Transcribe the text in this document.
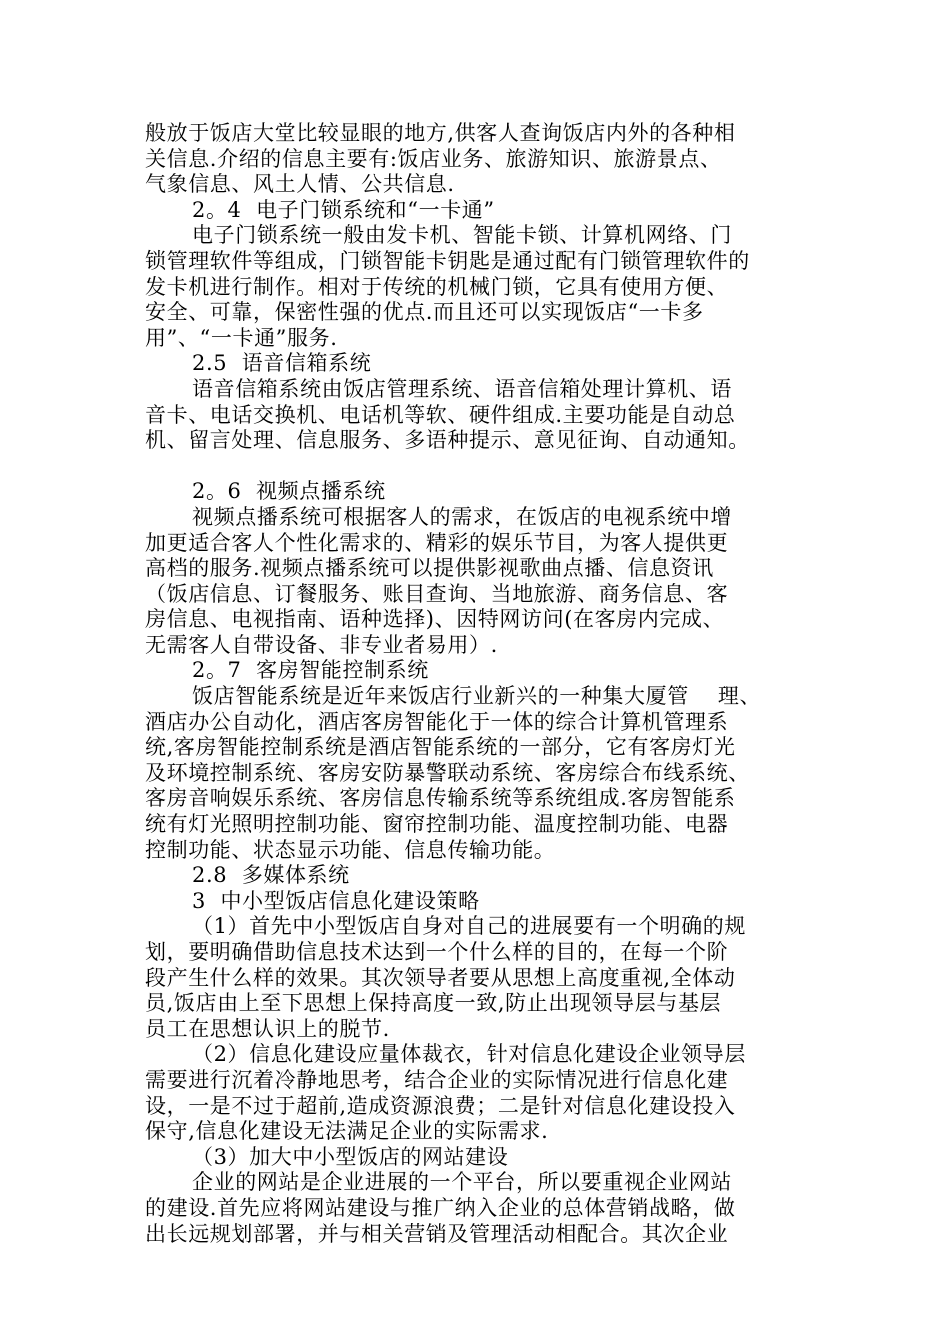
般放于饭店大堂比较显眼的地方,供客人查询饭店内外的各种相
关信息.介绍的信息主要有:饭店业务、旅游知识、旅游景点、
气象信息、风土人情、公共信息.
2。4  电子门锁系统和“一卡通”
电子门锁系统一般由发卡机、智能卡锁、计算机网络、门
锁管理软件等组成，门锁智能卡钥匙是通过配有门锁管理软件的
发卡机进行制作。相对于传统的机械门锁，它具有使用方便、
安全、可靠，保密性强的优点.而且还可以实现饭店“一卡多
用”、“一卡通”服务.
2.5  语音信箱系统
语音信箱系统由饭店管理系统、语音信箱处理计算机、语
音卡、电话交换机、电话机等软、硬件组成.主要功能是自动总
机、留言处理、信息服务、多语种提示、意见征询、自动通知。
2。6  视频点播系统
视频点播系统可根据客人的需求，在饭店的电视系统中增
加更适合客人个性化需求的、精彩的娱乐节目，为客人提供更
高档的服务.视频点播系统可以提供影视歌曲点播、信息资讯
（饭店信息、订餐服务、账目查询、当地旅游、商务信息、客
房信息、电视指南、语种选择)、因特网访问(在客房内完成、
无需客人自带设备、非专业者易用）.
2。7  客房智能控制系统
饭店智能系统是近年来饭店行业新兴的一种集大厦管    理、
酒店办公自动化，酒店客房智能化于一体的综合计算机管理系
统,客房智能控制系统是酒店智能系统的一部分，它有客房灯光
及环境控制系统、客房安防暴警联动系统、客房综合布线系统、
客房音响娱乐系统、客房信息传输系统等系统组成.客房智能系
统有灯光照明控制功能、窗帘控制功能、温度控制功能、电器
控制功能、状态显示功能、信息传输功能。
2.8  多媒体系统
3  中小型饭店信息化建设策略
（1）首先中小型饭店自身对自己的进展要有一个明确的规
划，要明确借助信息技术达到一个什么样的目的，在每一个阶
段产生什么样的效果。其次领导者要从思想上高度重视,全体动
员,饭店由上至下思想上保持高度一致,防止出现领导层与基层
员工在思想认识上的脱节.
（2）信息化建设应量体裁衣，针对信息化建设企业领导层
需要进行沉着冷静地思考，结合企业的实际情况进行信息化建
设，一是不过于超前,造成资源浪费；二是针对信息化建设投入
保守,信息化建设无法满足企业的实际需求.
（3）加大中小型饭店的网站建设
企业的网站是企业进展的一个平台，所以要重视企业网站
的建设.首先应将网站建设与推广纳入企业的总体营销战略，做
出长远规划部署，并与相关营销及管理活动相配合。其次企业
